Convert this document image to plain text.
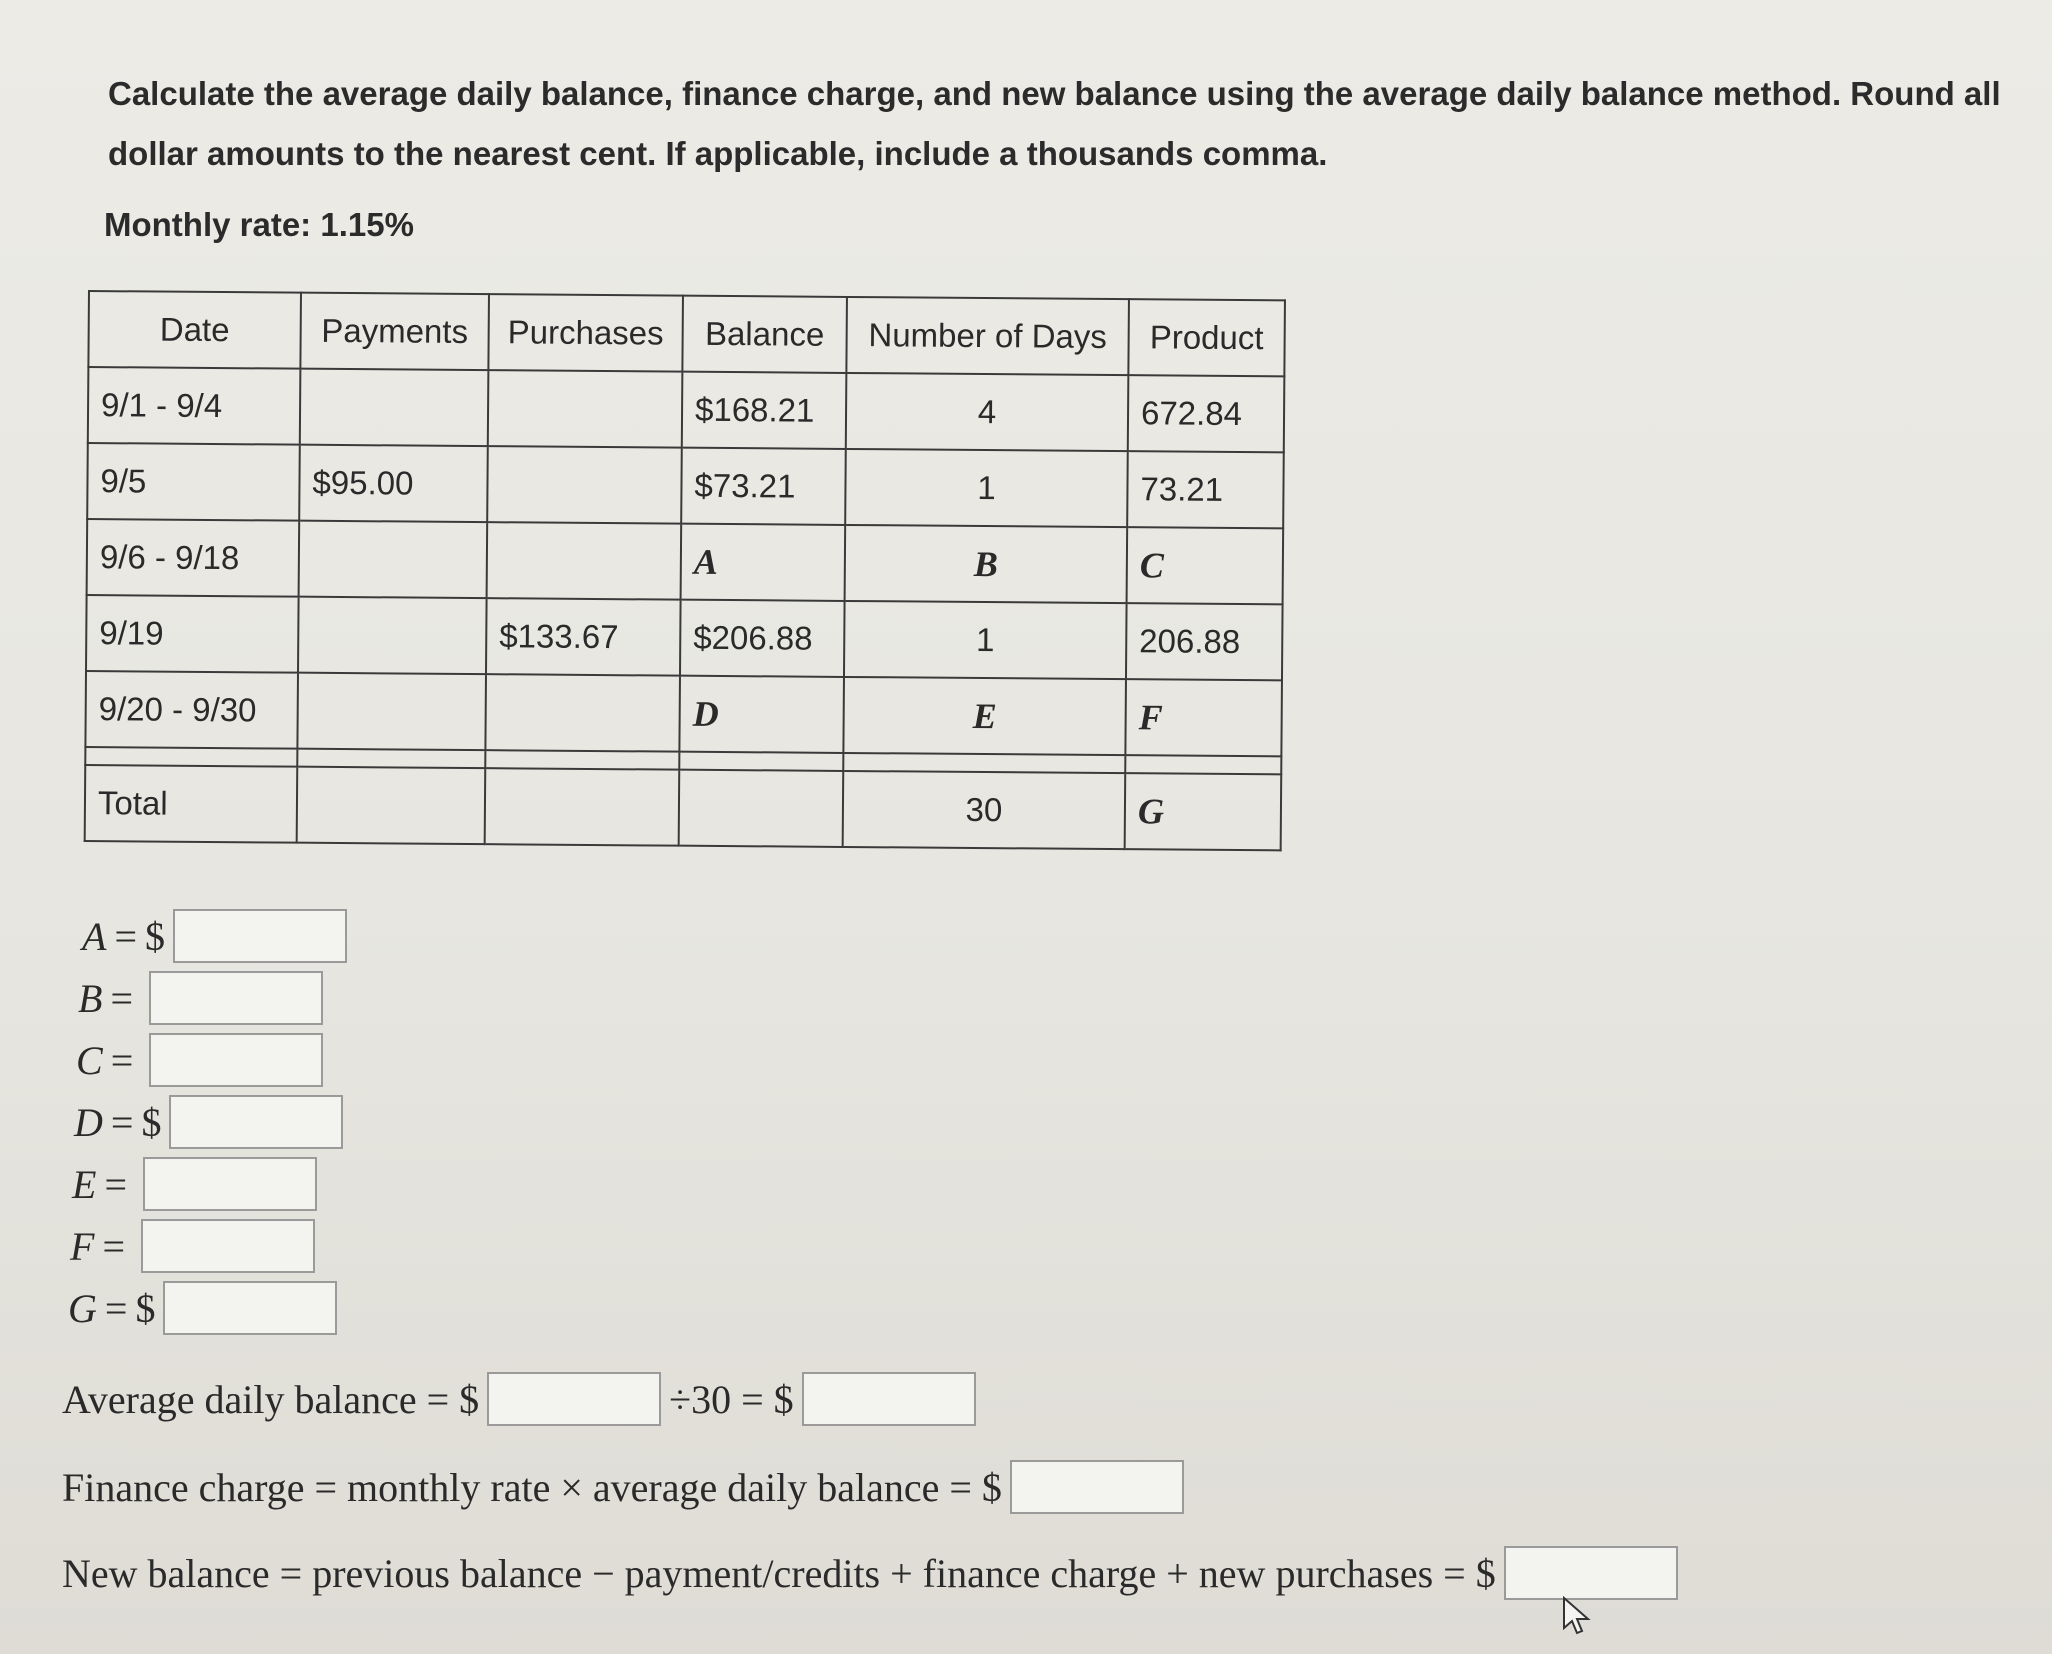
Calculate the average daily balance, finance charge, and new balance using the average daily balance method. Round all dollar amounts to the nearest cent. If applicable, include a thousands comma.
Monthly rate: 1.15%
Date	Payments	Purchases	Balance	Number of Days	Product
9/1 - 9/4			$168.21	4	672.84
9/5	$95.00		$73.21	1	73.21
9/6 - 9/18			A	B	C
9/19		$133.67	$206.88	1	206.88
9/20 - 9/30			D	E	F

Total				30	G
A = $
B =
C =
D = $
E =
F =
G = $
Average daily balance = $	÷30 = $
Finance charge = monthly rate × average daily balance = $
New balance = previous balance − payment/credits + finance charge + new purchases = $
